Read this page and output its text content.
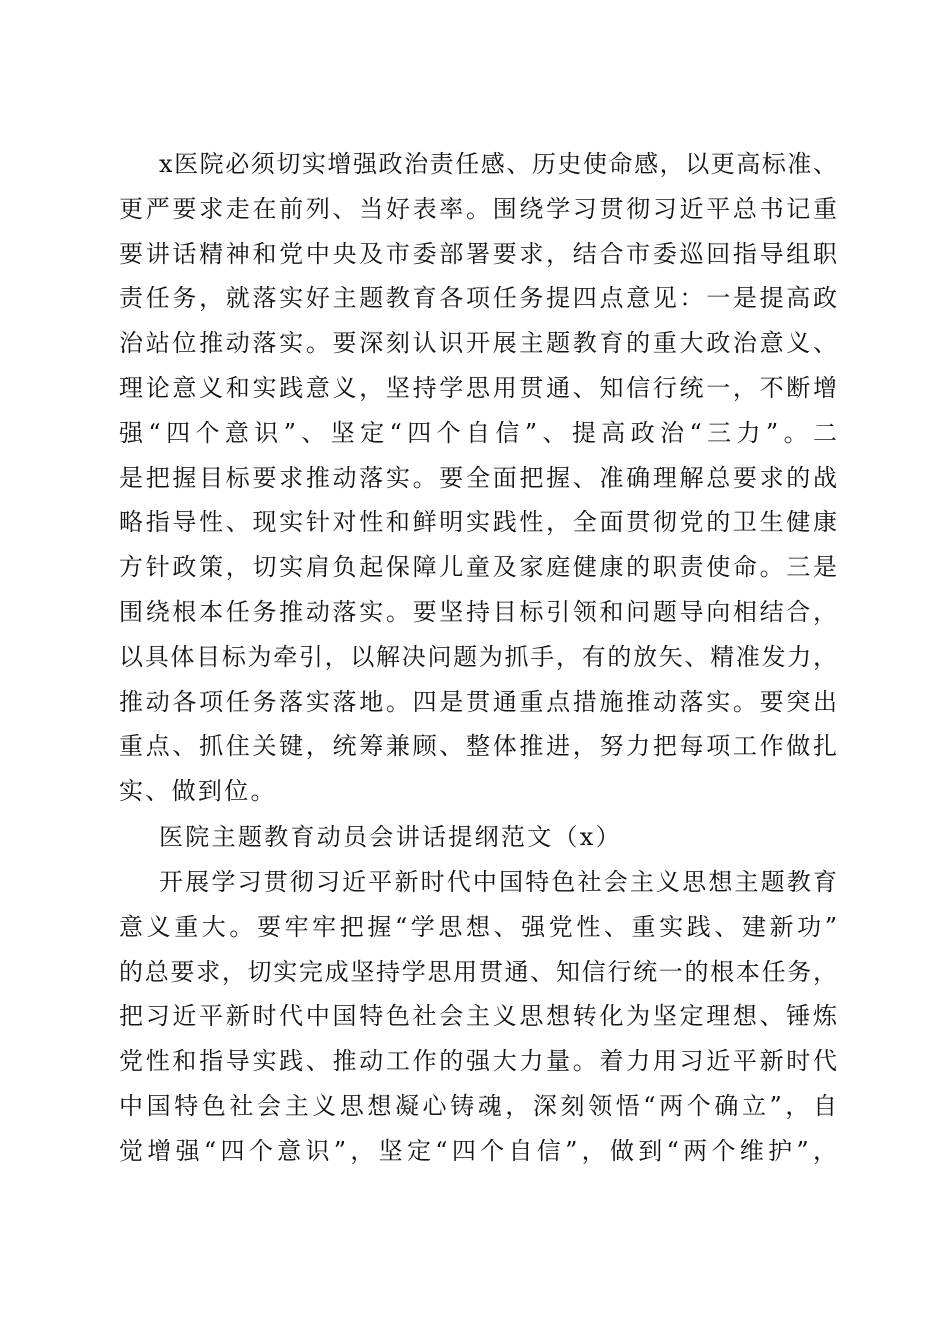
x医院必须切实增强政治责任感、历史使命感，以更高标准、
更严要求走在前列、当好表率。围绕学习贯彻习近平总书记重
要讲话精神和党中央及市委部署要求，结合市委巡回指导组职
责任务，就落实好主题教育各项任务提四点意见：一是提高政
治站位推动落实。要深刻认识开展主题教育的重大政治意义、
理论意义和实践意义，坚持学思用贯通、知信行统一，不断增
强“四个意识”、坚定“四个自信”、提高政治“三力”。二
是把握目标要求推动落实。要全面把握、准确理解总要求的战
略指导性、现实针对性和鲜明实践性，全面贯彻党的卫生健康
方针政策，切实肩负起保障儿童及家庭健康的职责使命。三是
围绕根本任务推动落实。要坚持目标引领和问题导向相结合，
以具体目标为牵引，以解决问题为抓手，有的放矢、精准发力，
推动各项任务落实落地。四是贯通重点措施推动落实。要突出
重点、抓住关键，统筹兼顾、整体推进，努力把每项工作做扎
实、做到位。
医院主题教育动员会讲话提纲范文（x）
开展学习贯彻习近平新时代中国特色社会主义思想主题教育
意义重大。要牢牢把握“学思想、强党性、重实践、建新功”
的总要求，切实完成坚持学思用贯通、知信行统一的根本任务，
把习近平新时代中国特色社会主义思想转化为坚定理想、锤炼
党性和指导实践、推动工作的强大力量。着力用习近平新时代
中国特色社会主义思想凝心铸魂，深刻领悟“两个确立”，自
觉增强“四个意识”，坚定“四个自信”，做到“两个维护”，
